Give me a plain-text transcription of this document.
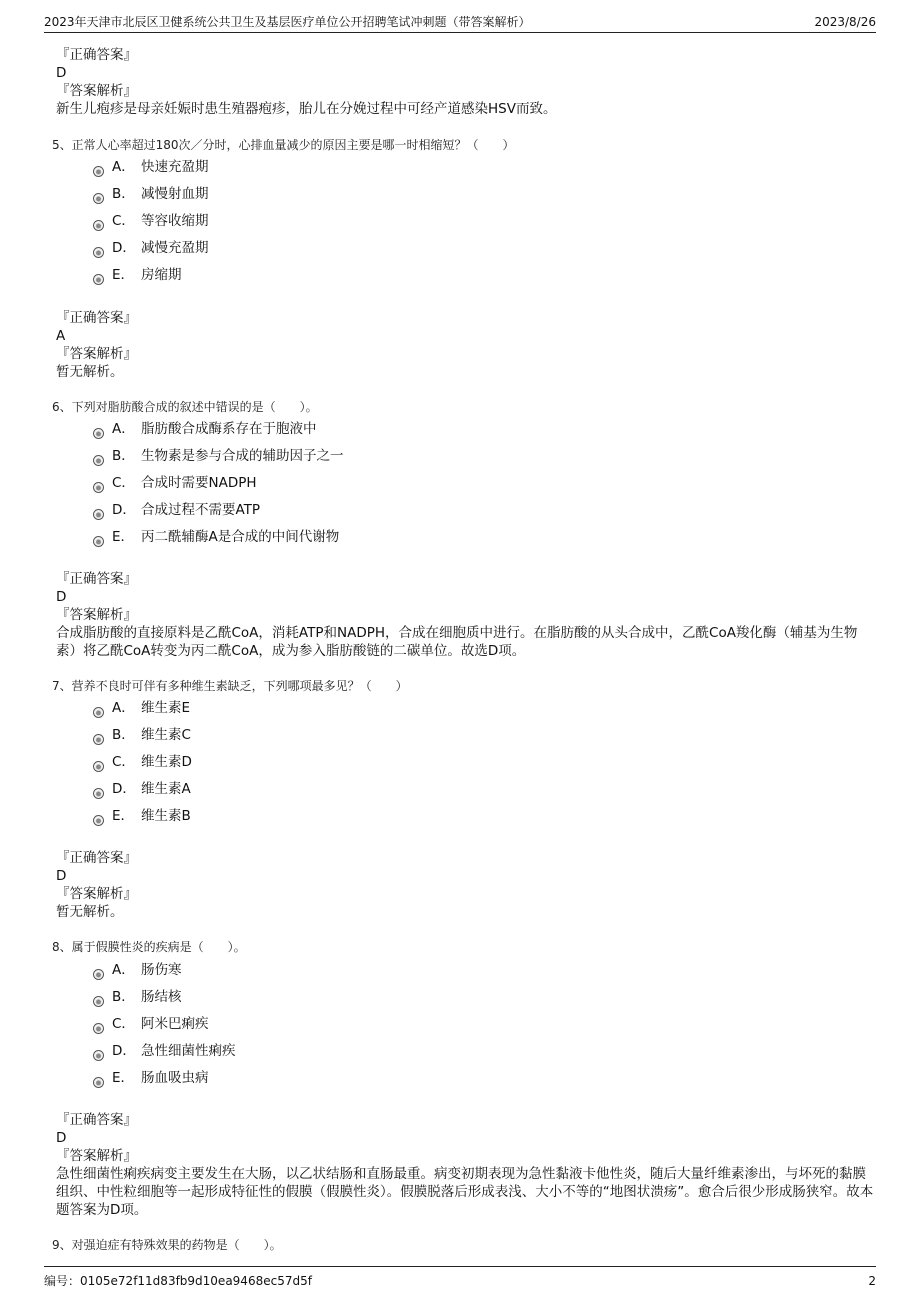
2023年天津市北辰区卫健系统公共卫生及基层医疗单位公开招聘笔试冲刺题（带答案解析）	2023/8/26
『正确答案』
D
『答案解析』

新生儿疱疹是母亲妊娠时患生殖器疱疹，胎儿在分娩过程中可经产道感染HSV而致。

5、正常人心率超过180次／分时，心排血量减少的原因主要是哪一时相缩短？（　　）
A． 快速充盈期
B． 减慢射血期
C． 等容收缩期
D． 减慢充盈期
E． 房缩期
『正确答案』
A
『答案解析』

暂无解析。

6、下列对脂肪酸合成的叙述中错误的是（　　）。
A． 脂肪酸合成酶系存在于胞液中
B． 生物素是参与合成的辅助因子之一
C． 合成时需要NADPH
D． 合成过程不需要ATP
E． 丙二酰辅酶A是合成的中间代谢物
『正确答案』
D
『答案解析』

合成脂肪酸的直接原料是乙酰CoA，消耗ATP和NADPH，合成在细胞质中进行。在脂肪酸的从头合成中，乙酰CoA羧化酶（辅基为生物素）将乙酰CoA转变为丙二酰CoA，成为参入脂肪酸链的二碳单位。故选D项。

7、营养不良时可伴有多种维生素缺乏，下列哪项最多见？（　　）
A． 维生素E
B． 维生素C
C． 维生素D
D． 维生素A
E． 维生素B
『正确答案』
D
『答案解析』

暂无解析。

8、属于假膜性炎的疾病是（　　）。
A． 肠伤寒
B． 肠结核
C． 阿米巴痢疾
D． 急性细菌性痢疾
E． 肠血吸虫病
『正确答案』
D
『答案解析』

急性细菌性痢疾病变主要发生在大肠，以乙状结肠和直肠最重。病变初期表现为急性黏液卡他性炎，随后大量纤维素渗出，与坏死的黏膜组织、中性粒细胞等一起形成特征性的假膜（假膜性炎）。假膜脱落后形成表浅、大小不等的“地图状溃疡”。愈合后很少形成肠狭窄。故本题答案为D项。

9、对强迫症有特殊效果的药物是（　　）。
编号：0105e72f11d83fb9d10ea9468ec57d5f	2
